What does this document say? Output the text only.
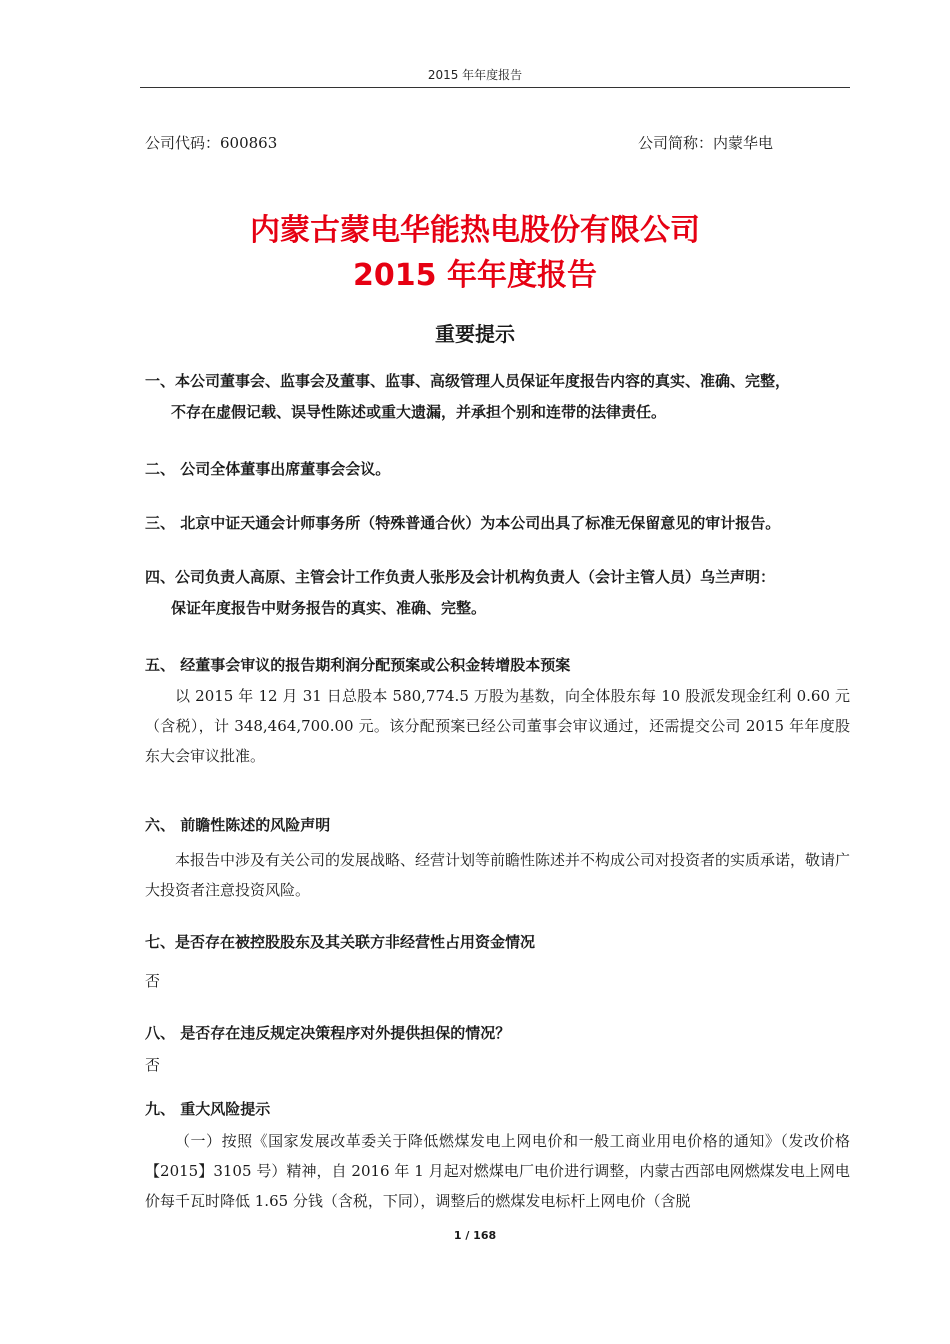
2015 年年度报告
公司代码：600863	公司简称：内蒙华电
内蒙古蒙电华能热电股份有限公司
2015 年年度报告
重要提示
一、本公司董事会、监事会及董事、监事、高级管理人员保证年度报告内容的真实、准确、完整，
不存在虚假记载、误导性陈述或重大遗漏，并承担个别和连带的法律责任。
二、 公司全体董事出席董事会会议。
三、 北京中证天通会计师事务所（特殊普通合伙）为本公司出具了标准无保留意见的审计报告。
四、公司负责人高原、主管会计工作负责人张彤及会计机构负责人（会计主管人员）乌兰声明：
保证年度报告中财务报告的真实、准确、完整。
五、 经董事会审议的报告期利润分配预案或公积金转增股本预案
以 2015 年 12 月 31 日总股本 580,774.5 万股为基数，向全体股东每 10 股派发现金红利 0.60 元（含税），计 348,464,700.00 元。该分配预案已经公司董事会审议通过，还需提交公司 2015 年年度股东大会审议批准。
六、 前瞻性陈述的风险声明
本报告中涉及有关公司的发展战略、经营计划等前瞻性陈述并不构成公司对投资者的实质承诺，敬请广大投资者注意投资风险。
七、是否存在被控股股东及其关联方非经营性占用资金情况
否
八、 是否存在违反规定决策程序对外提供担保的情况？
否
九、 重大风险提示
（一）按照《国家发展改革委关于降低燃煤发电上网电价和一般工商业用电价格的通知》（发改价格【2015】3105 号）精神，自 2016 年 1 月起对燃煤电厂电价进行调整，内蒙古西部电网燃煤发电上网电价每千瓦时降低 1.65 分钱（含税，下同），调整后的燃煤发电标杆上网电价（含脱
1 / 168
